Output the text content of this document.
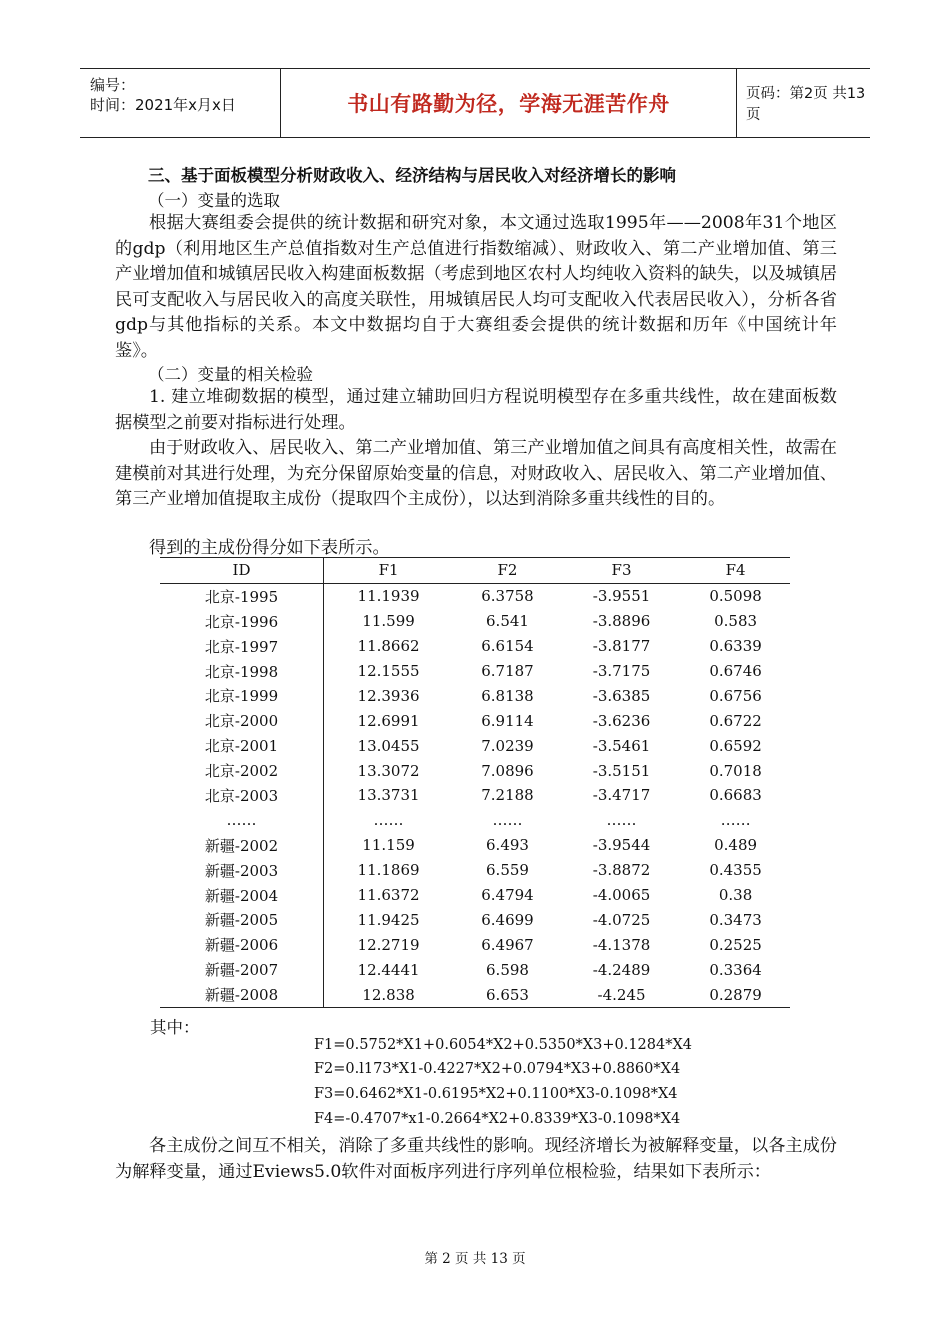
编号：
时间：2021年x月x日	书山有路勤为径，学海无涯苦作舟	页码：第2页 共13页
三、基于面板模型分析财政收入、经济结构与居民收入对经济增长的影响
（一）变量的选取
根据大赛组委会提供的统计数据和研究对象，本文通过选取1995年——2008年31个地区的gdp（利用地区生产总值指数对生产总值进行指数缩减）、财政收入、第二产业增加值、第三产业增加值和城镇居民收入构建面板数据（考虑到地区农村人均纯收入资料的缺失，以及城镇居民可支配收入与居民收入的高度关联性，用城镇居民人均可支配收入代表居民收入），分析各省gdp与其他指标的关系。本文中数据均自于大赛组委会提供的统计数据和历年《中国统计年鉴》。
（二）变量的相关检验
1. 建立堆砌数据的模型，通过建立辅助回归方程说明模型存在多重共线性，故在建面板数据模型之前要对指标进行处理。
由于财政收入、居民收入、第二产业增加值、第三产业增加值之间具有高度相关性，故需在建模前对其进行处理，为充分保留原始变量的信息，对财政收入、居民收入、第二产业增加值、第三产业增加值提取主成份（提取四个主成份），以达到消除多重共线性的目的。
得到的主成份得分如下表所示。
ID	F1	F2	F3	F4
北京-1995	11.1939	6.3758	-3.9551	0.5098
北京-1996	11.599	6.541	-3.8896	0.583
北京-1997	11.8662	6.6154	-3.8177	0.6339
北京-1998	12.1555	6.7187	-3.7175	0.6746
北京-1999	12.3936	6.8138	-3.6385	0.6756
北京-2000	12.6991	6.9114	-3.6236	0.6722
北京-2001	13.0455	7.0239	-3.5461	0.6592
北京-2002	13.3072	7.0896	-3.5151	0.7018
北京-2003	13.3731	7.2188	-3.4717	0.6683
……	……	……	……	……
新疆-2002	11.159	6.493	-3.9544	0.489
新疆-2003	11.1869	6.559	-3.8872	0.4355
新疆-2004	11.6372	6.4794	-4.0065	0.38
新疆-2005	11.9425	6.4699	-4.0725	0.3473
新疆-2006	12.2719	6.4967	-4.1378	0.2525
新疆-2007	12.4441	6.598	-4.2489	0.3364
新疆-2008	12.838	6.653	-4.245	0.2879
其中：
F1=0.5752*X1+0.6054*X2+0.5350*X3+0.1284*X4
F2=0.l173*X1-0.4227*X2+0.0794*X3+0.8860*X4
F3=0.6462*X1-0.6195*X2+0.1100*X3-0.1098*X4
F4=-0.4707*x1-0.2664*X2+0.8339*X3-0.1098*X4
各主成份之间互不相关，消除了多重共线性的影响。现经济增长为被解释变量，以各主成份为解释变量，通过Eviews5.0软件对面板序列进行序列单位根检验，结果如下表所示：
第 2 页 共 13 页
